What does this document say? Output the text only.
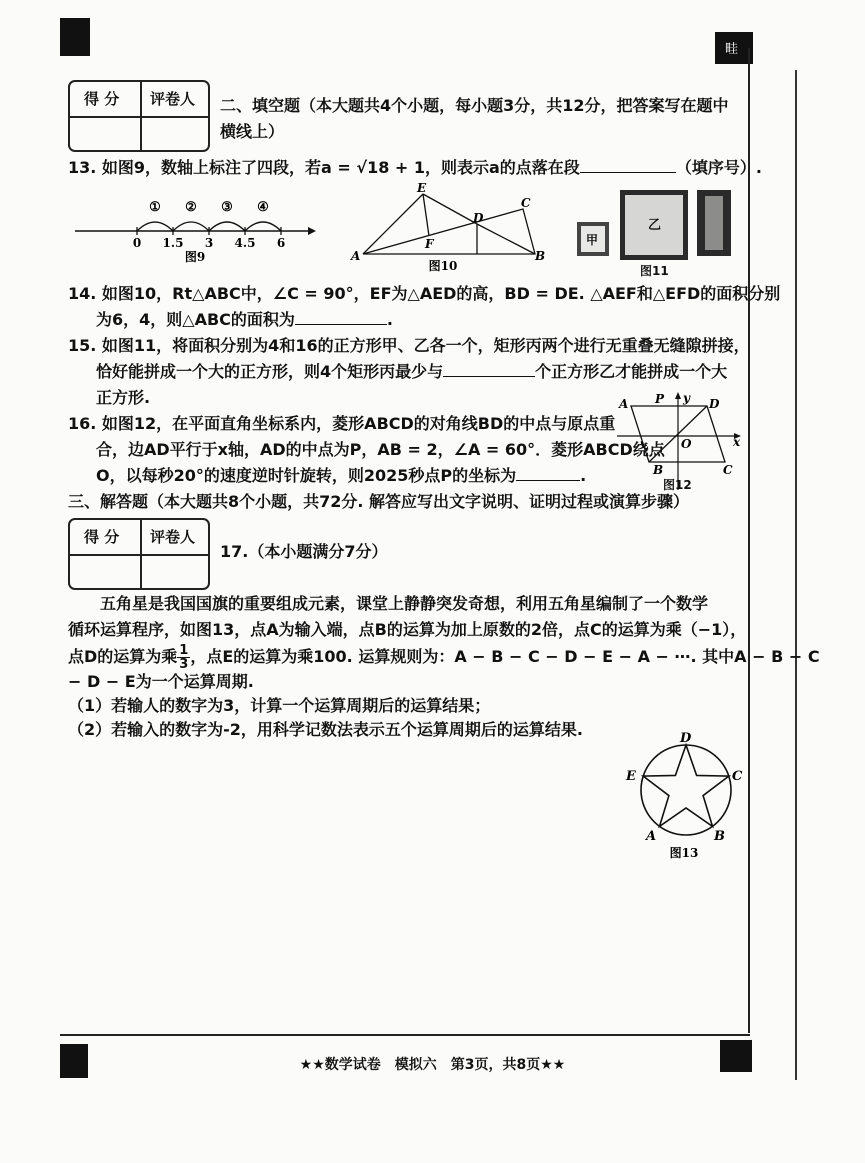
畦
得 分 评卷人 二、填空题（本大题共4个小题，每小题3分，共12分，把答案写在题中
横线上）
13. 如图9，数轴上标注了四段，若a = √18 + 1，则表示a的点落在段	（填序号）.
① ② ③ ④
0 1.5 3 4.5 6
图9
E
D
C
F
A	B
图10
甲
乙
图11
14. 如图10，Rt△ABC中，∠C = 90°，EF为△AED的高，BD = DE. △AEF和△EFD的面积分别
为6，4，则△ABC的面积为	.
15. 如图11，将面积分别为4和16的正方形甲、乙各一个，矩形丙两个进行无重叠无缝隙拼接，
恰好能拼成一个大的正方形，则4个矩形丙最少与	个正方形乙才能拼成一个大
正方形.
16. 如图12，在平面直角坐标系内，菱形ABCD的对角线BD的中点与原点重
合，边AD平行于x轴，AD的中点为P，AB = 2，∠A = 60°．菱形ABCD绕点
O，以每秒20°的速度逆时针旋转，则2025秒点P的坐标为	.
A P y D
O	x
B	C
图12
三、解答题（本大题共8个小题，共72分. 解答应写出文字说明、证明过程或演算步骤）
得 分 评卷人
17.（本小题满分7分）
五角星是我国国旗的重要组成元素，课堂上静静突发奇想，利用五角星编制了一个数学
循环运算程序，如图13，点A为输入端，点B的运算为加上原数的2倍，点C的运算为乘（−1），
点D的运算为乘 $\frac{1}{3}$ ，点E的运算为乘100. 运算规则为：A − B − C − D − E − A − ⋯. 其中A − B − C
− D − E为一个运算周期.
（1）若输人的数字为3，计算一个运算周期后的运算结果；
（2）若输入的数字为-2，用科学记数法表示五个运算周期后的运算结果.	D
E	C
A	B
图13
★★数学试卷　模拟六　第3页，共8页★★
